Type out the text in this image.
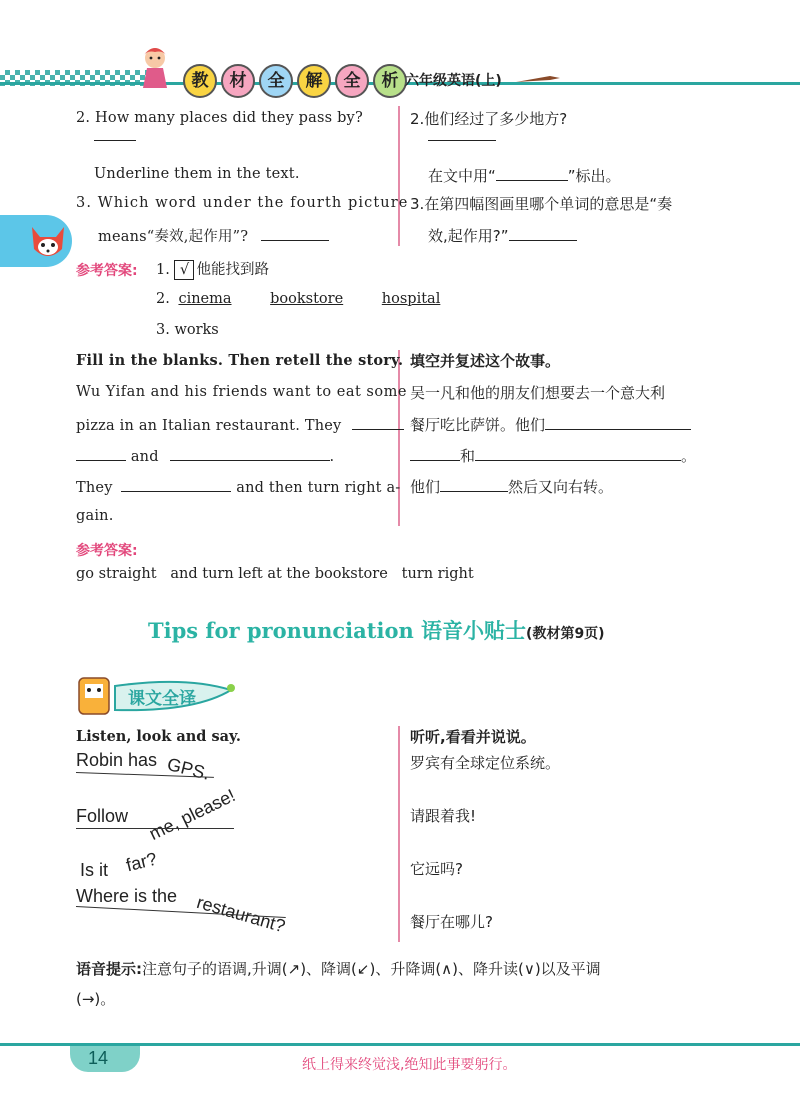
教	材	全	解	全	析 六年级英语(上)
2. How many places did they pass by?
Underline them in the text.
3. Which word under the fourth picture
means“奏效,起作用”?
2.他们经过了多少地方?
在文中用“	”标出。
3.在第四幅图画里哪个单词的意思是“奏
效,起作用?”
参考答案: 1. √ 他能找到路
2. cinema	bookstore	hospital
3. works
Fill in the blanks. Then retell the story. 填空并复述这个故事。
Wu Yifan and his friends want to eat some
pizza in an Italian restaurant. They
and	.
They	and then turn right a-
gain.
吴一凡和他的朋友们想要去一个意大利
餐厅吃比萨饼。他们
和	。
他们	然后又向右转。
参考答案:
go straight   and turn left at the bookstore   turn right
Tips for pronunciation 语音小贴士(教材第9页)
课文全译
Listen, look and say.	听听,看看并说说。
Robin has GPS.
Follow me, please!
Is it far?
Where is the restaurant?
罗宾有全球定位系统。
请跟着我!
它远吗?
餐厅在哪儿?
语音提示:注意句子的语调,升调(↗)、降调(↙)、升降调(∧)、降升读(∨)以及平调
(→)。
14	纸上得来终觉浅,绝知此事要躬行。
